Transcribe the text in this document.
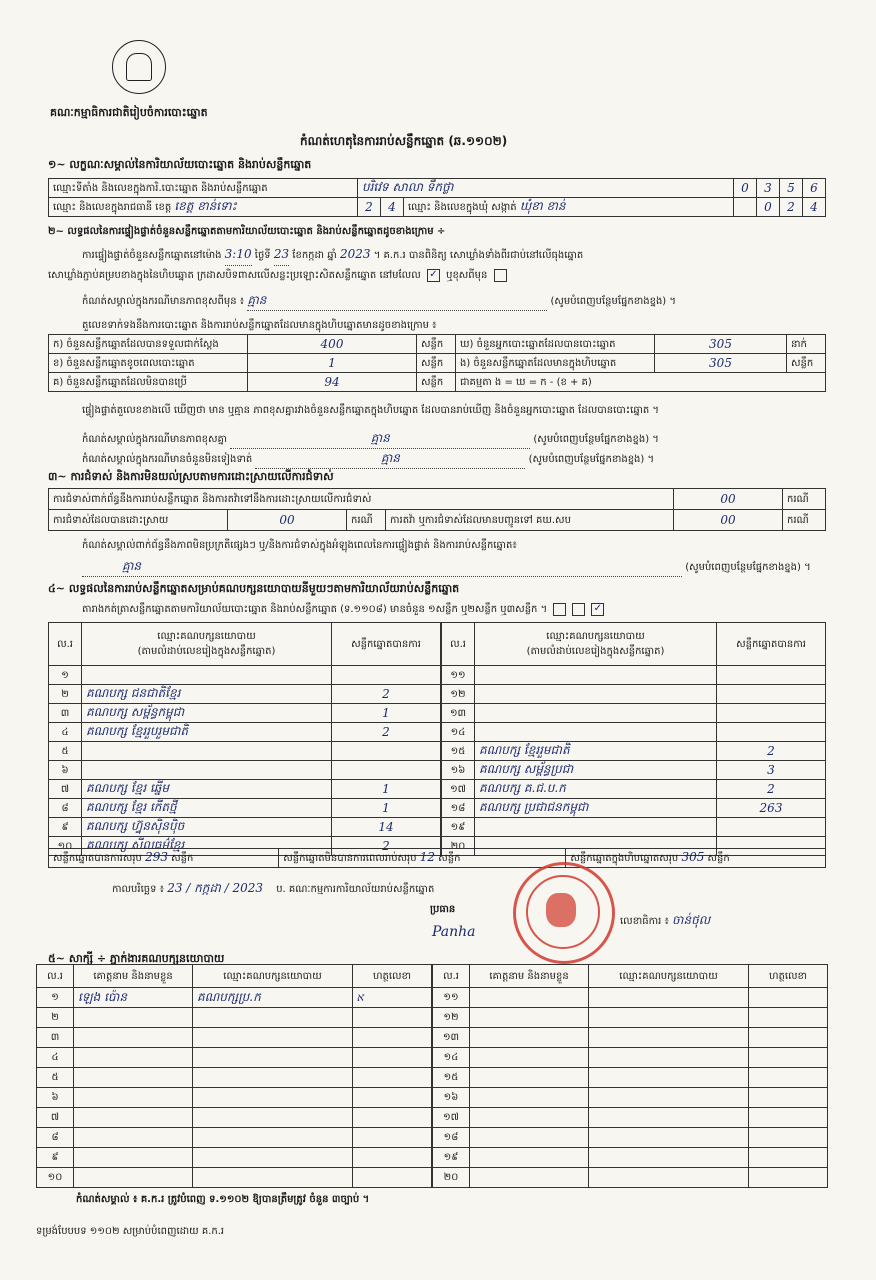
គណៈកម្មាធិការជាតិរៀបចំការបោះឆ្នោត
កំណត់ហេតុនៃការរាប់សន្លឹកឆ្នោត (ឆ.១១០២)
១~ លក្ខណៈសម្គាល់នៃការិយាល័យបោះឆ្នោត និងរាប់សន្លឹកឆ្នោត
ឈ្មោះទីតាំង និងលេខក្នុងការិ.បោះឆ្នោត និងរាប់សន្លឹកឆ្នោត	បរិវេទ សាលា ទឹកថ្លា			0	3	5	6
ឈ្មោះ និងលេខក្នុងរាជធានី ខេត្ត ខេត្ត ខាន់ទោះ	2	4	ឈ្មោះ និងលេខក្នុងឃុំ សង្កាត់ ឃុំខា ខាន់		0	2	4
២~ លទ្ធផលនៃការផ្ទៀងផ្ទាត់ចំនួនសន្លឹកឆ្នោតតាមការិយាល័យបោះឆ្នោត និងរាប់សន្លឹកឆ្នោតដូចខាងក្រោម ÷
ការផ្ទៀងផ្ទាត់ចំនួនសន្លឹកឆ្នោតនៅម៉ោង 3:10 ថ្ងៃទី 23 ខែកក្កដា ឆ្នាំ 2023 ។ គ.ក.រ បានពិនិត្យ សោឃ្លាំងទាំងពីរជាប់នៅលើធុងឆ្នោត
សោឃ្លាំងភ្ជាប់គម្របខាងក្នុងនៃហិបឆ្នោត ក្រដាសបិទពាសលើសន្លះប្រឡោះសិតសន្លឹកឆ្នោត នៅមលែល ✓ ឬខុសពីមុន
កំណត់សម្គាល់ក្នុងករណីមានភាពខុសពីមុន ៖ គ្មាន	(សូមបំពេញបន្ថែមផ្នែកខាងខ្នង) ។
តួលេខទាក់ទងនឹងការបោះឆ្នោត និងការរាប់សន្លឹកឆ្នោតដែលមានក្នុងហិបឆ្នោតមានដូចខាងក្រោម ៖
ក) ចំនួនសន្លឹកឆ្នោតដែលបានទទួលជាក់ស្តែង	400	សន្លឹក	ឃ) ចំនួនអ្នកបោះឆ្នោតដែលបានបោះឆ្នោត	305	នាក់
ខ) ចំនួនសន្លឹកឆ្នោតខូចពេលបោះឆ្នោត	1	សន្លឹក	ង) ចំនួនសន្លឹកឆ្នោតដែលមានក្នុងហិបឆ្នោត	305	សន្លឹក
គ) ចំនួនសន្លឹកឆ្នោតដែលមិនបានប្រើ	94	សន្លឹក	ជាគម្មតា ង = ឃ = ក - (ខ + គ)		
ផ្ទៀងផ្ទាត់តួលេខខាងលើ ឃើញថា មាន ឬគ្មាន ភាពខុសគ្នារវាងចំនួនសន្លឹកឆ្នោតក្នុងហិបឆ្នោត ដែលបានរាប់ឃើញ និងចំនួនអ្នកបោះឆ្នោត ដែលបានបោះឆ្នោត ។
កំណត់សម្គាល់ក្នុងករណីមានភាពខុសគ្នា	គ្មាន	(សូមបំពេញបន្ថែមផ្នែកខាងខ្នង) ។
កំណត់សម្គាល់ក្នុងករណីមានចំនួនមិនទៀងទាត់	គ្មាន	(សូមបំពេញបន្ថែមផ្នែកខាងខ្នង) ។
៣~ ការជំទាស់ និងការមិនយល់ស្របតាមការដោះស្រាយលើការជំទាស់
ការជំទាស់ពាក់ព័ន្ធនឹងការរាប់សន្លឹកឆ្នោត និងការតវ៉ាទៅនឹងការដោះស្រាយលើការជំទាស់				00	ករណី
ការជំទាស់ដែលបានដោះស្រាយ	00	ករណី	ការតវ៉ា ឬការជំទាស់ដែលមានបញ្ជូនទៅ គឃ.សប	00	ករណី
កំណត់សម្គាល់ពាក់ព័ន្ធនឹងភាពមិនប្រក្រតីផ្សេងៗ ឬ/និងការជំទាស់ក្នុងអំឡុងពេលនៃការផ្ទៀងផ្ទាត់ និងការរាប់សន្លឹកឆ្នោត៖
គ្មាន	(សូមបំពេញបន្ថែមផ្នែកខាងខ្នង) ។
៤~ លទ្ធផលនៃការរាប់សន្លឹកឆ្នោតសម្រាប់គណបក្សនយោបាយនីមួយៗតាមការិយាល័យរាប់សន្លឹកឆ្នោត
តារាងកត់ត្រាសន្លឹកឆ្នោតតាមការិយាល័យបោះឆ្នោត និងរាប់សន្លឹកឆ្នោត (ទ.១១០៨) មានចំនួន ១សន្លឹក ឬ២សន្លឹក ឬ៣សន្លឹក ។	✓
ល.រ	ឈ្មោះគណបក្សនយោបាយ
(តាមលំដាប់លេខរៀងក្នុងសន្លឹកឆ្នោត)	សន្លឹកឆ្នោតបានការ
១		
២	គណបក្ស ជនជាតិខ្មែរ	2
៣	គណបក្ស សម្ព័ន្ធកម្ពុជា	1
៤	គណបក្ស ខ្មែររួបរួមជាតិ	2
៥		
៦		
៧	គណបក្ស ខ្មែរ ឆ្នើម	1
៨	គណបក្ស ខ្មែរ កើតថ្មី	1
៩	គណបក្ស ហ្វ៊ុនស៊ិនប៉ិច	14
១០	គណបក្ស សីលធម៌ខ្មែរ	2
ល.រ	ឈ្មោះគណបក្សនយោបាយ
(តាមលំដាប់លេខរៀងក្នុងសន្លឹកឆ្នោត)	សន្លឹកឆ្នោតបានការ
១១		
១២		
១៣		
១៤		
១៥	គណបក្ស ខ្មែររួមជាតិ	2
១៦	គណបក្ស សម្ព័ន្ធប្រជា	3
១៧	គណបក្ស គ.ជ.ប.ក	2
១៨	គណបក្ស ប្រជាជនកម្ពុជា	263
១៩		
២០		
សន្លឹកឆ្នោតបានការសរុប 293 សន្លឹក	សន្លឹកឆ្នោតមិនបានការពេលរាប់សរុប 12 សន្លឹក	សន្លឹកឆ្នោតក្នុងហិបឆ្នោតសរុប 305 សន្លឹក
កាលបរិច្ឆេទ ៖ 23 / កក្កដា / 2023 ប. គណៈកម្មការការិយាល័យរាប់សន្លឹកឆ្នោត
ប្រធាន
Panha
លេខាធិការ ៖ ចាន់ថុល
៥~ សាក្សី ÷ ភ្នាក់ងារគណបក្សនយោបាយ
ល.រ	គោត្តនាម និងនាមខ្លួន	ឈ្មោះគណបក្សនយោបាយ	ហត្ថលេខា
១	ឡេង ប៉ោន	គណបក្សប្រ.ក	ﬡ
២			
៣			
៤			
៥			
៦			
៧			
៨			
៩			
១០			
ល.រ	គោត្តនាម និងនាមខ្លួន	ឈ្មោះគណបក្សនយោបាយ	ហត្ថលេខា
១១			
១២			
១៣			
១៤			
១៥			
១៦			
១៧			
១៨			
១៩			
២០			
កំណត់សម្គាល់ ៖ គ.ក.រ ត្រូវបំពេញ ទ.១១០២ ឱ្យបានត្រឹមត្រូវ ចំនួន ៣ច្បាប់ ។
ទម្រង់បែបបទ ១១០២ សម្រាប់បំពេញដោយ គ.ក.រ
